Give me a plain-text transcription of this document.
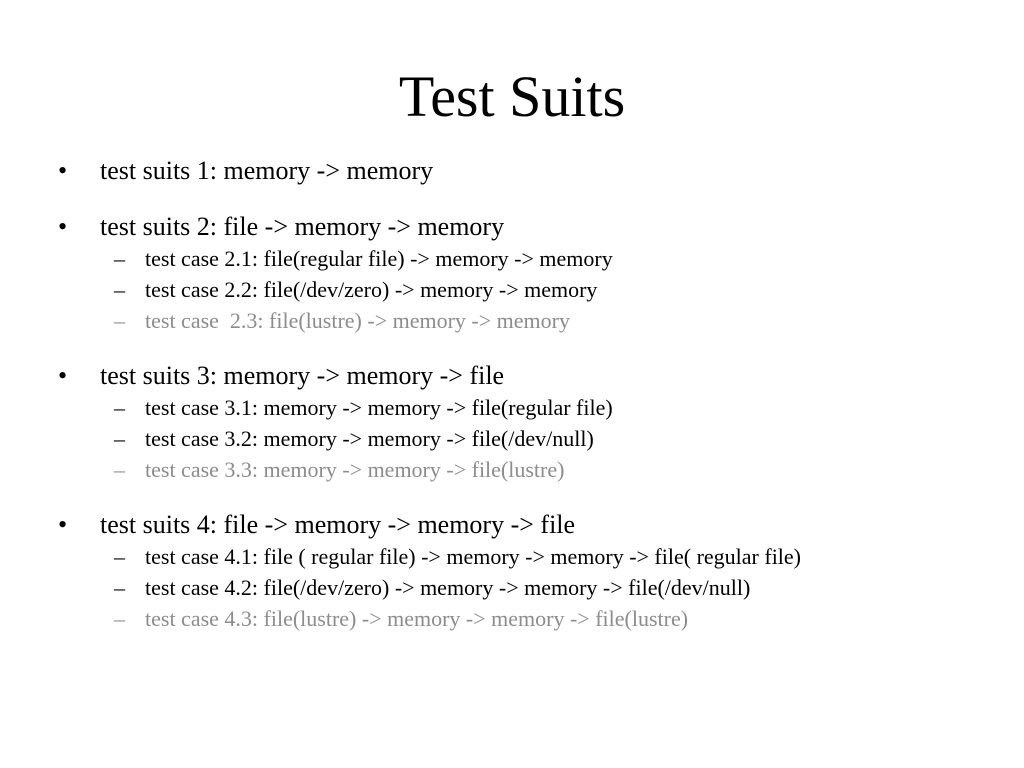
Test Suits
•	test suits 1: memory -> memory
•	test suits 2: file -> memory -> memory
– test case 2.1: file(regular file) -> memory -> memory
– test case 2.2: file(/dev/zero) -> memory -> memory
– test case  2.3: file(lustre) -> memory -> memory
•	test suits 3: memory -> memory -> file
– test case 3.1: memory -> memory -> file(regular file)
– test case 3.2: memory -> memory -> file(/dev/null)
– test case 3.3: memory -> memory -> file(lustre)
•	test suits 4: file -> memory -> memory -> file
– test case 4.1: file ( regular file) -> memory -> memory -> file( regular file)
– test case 4.2: file(/dev/zero) -> memory -> memory -> file(/dev/null)
– test case 4.3: file(lustre) -> memory -> memory -> file(lustre)
